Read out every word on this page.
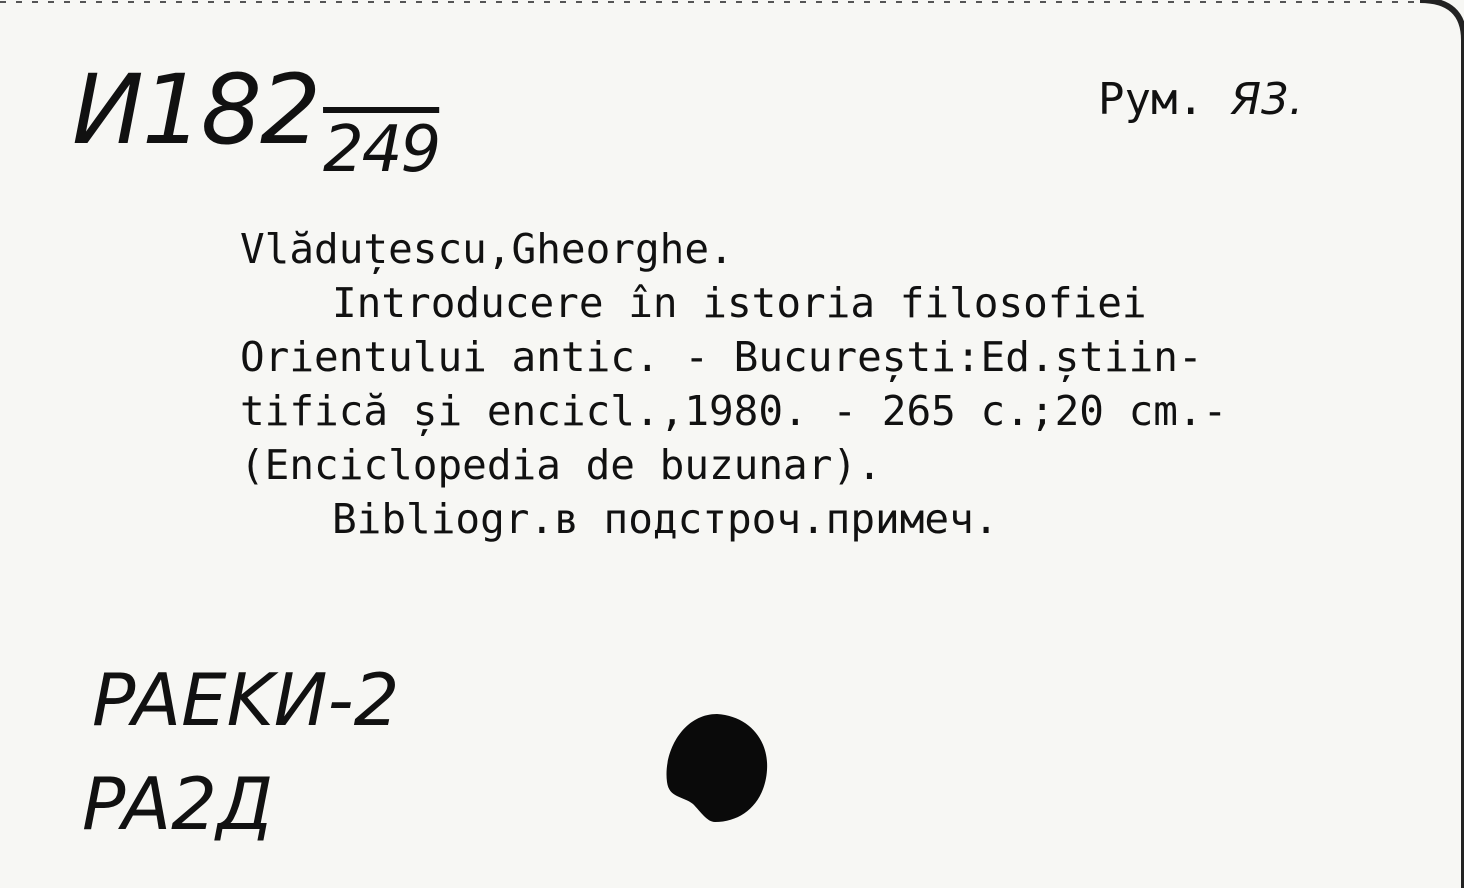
$И182_{249}$
Рум. Я3.
Vlăduțescu,Gheorghe.
Introducere în istoria filosofiei
Orientului antic. - București:Ed.știin-
tifică și encicl.,1980. - 265 c.;20 cm.-
(Enciclopedia de buzunar).
Bibliogr.в подстроч.примеч.
PAEKИ-2
PA2Д
